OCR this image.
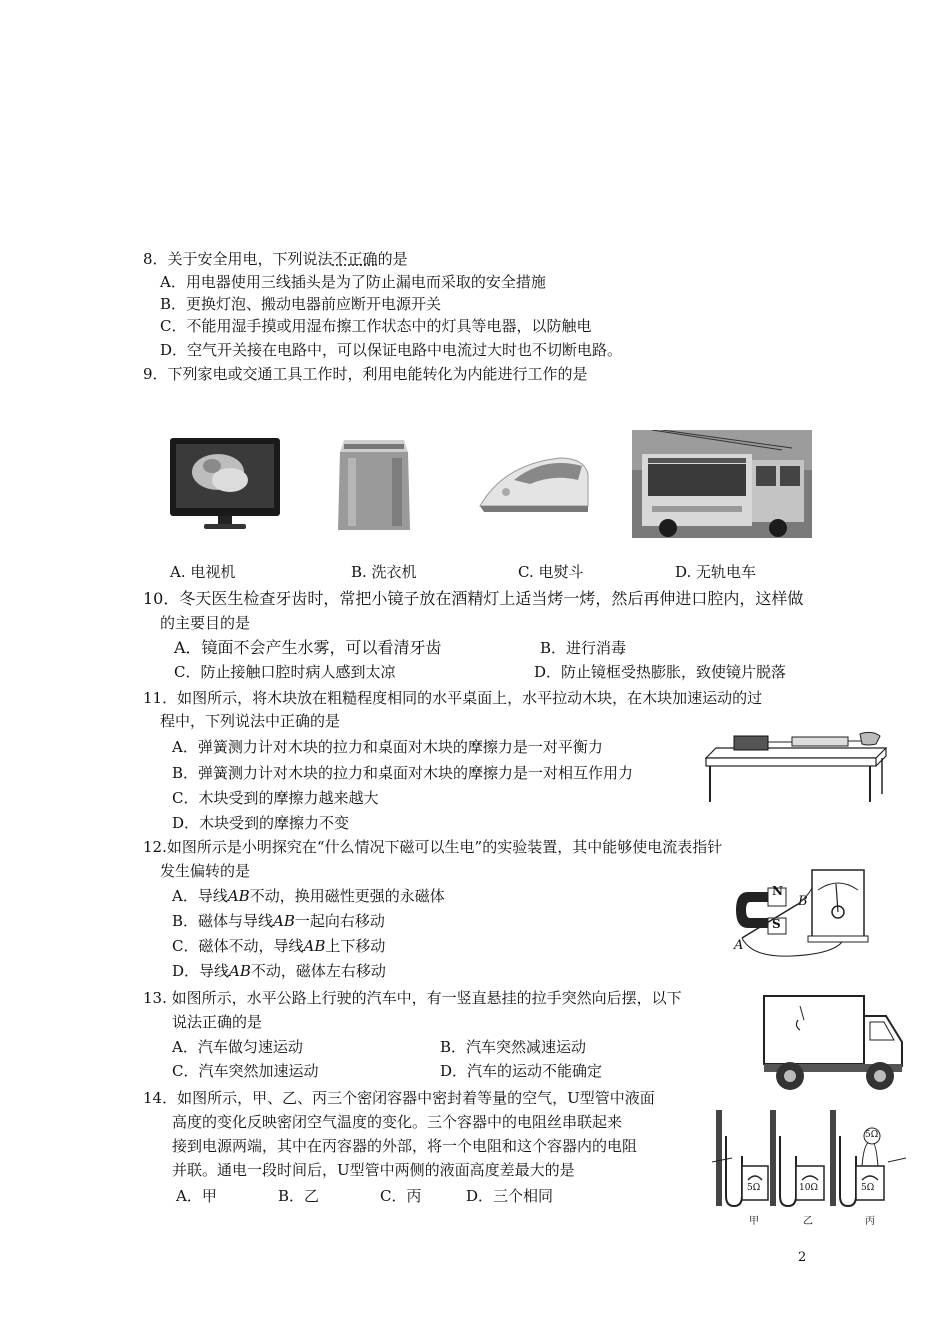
8．关于安全用电，下列说法不正确的是
A．用电器使用三线插头是为了防止漏电而采取的安全措施
B．更换灯泡、搬动电器前应断开电源开关
C．不能用湿手摸或用湿布擦工作状态中的灯具等电器，以防触电
D．空气开关接在电路中，可以保证电路中电流过大时也不切断电路。
9．下列家电或交通工具工作时，利用电能转化为内能进行工作的是
A. 电视机	B. 洗衣机	C. 电熨斗	D. 无轨电车
10．冬天医生检查牙齿时，常把小镜子放在酒精灯上适当烤一烤，然后再伸进口腔内，这样做
的主要目的是
A．镜面不会产生水雾，可以看清牙齿	B．进行消毒
C．防止接触口腔时病人感到太凉	D．防止镜框受热膨胀，致使镜片脱落
11．如图所示，将木块放在粗糙程度相同的水平桌面上，水平拉动木块，在木块加速运动的过
程中，下列说法中正确的是
A．弹簧测力计对木块的拉力和桌面对木块的摩擦力是一对平衡力
B．弹簧测力计对木块的拉力和桌面对木块的摩擦力是一对相互作用力
C．木块受到的摩擦力越来越大
D．木块受到的摩擦力不变
12.如图所示是小明探究在“什么情况下磁可以生电”的实验装置，其中能够使电流表指针
发生偏转的是
A．导线AB不动，换用磁性更强的永磁体
B．磁体与导线AB一起向右移动
C．磁体不动，导线AB上下移动
D．导线AB不动，磁体左右移动
N
S
A
B
13. 如图所示，水平公路上行驶的汽车中，有一竖直悬挂的拉手突然向后摆，以下
说法正确的是
A．汽车做匀速运动	B．汽车突然减速运动
C．汽车突然加速运动	D．汽车的运动不能确定
14．如图所示，甲、乙、丙三个密闭容器中密封着等量的空气，U型管中液面
高度的变化反映密闭空气温度的变化。三个容器中的电阻丝串联起来
接到电源两端，其中在丙容器的外部，将一个电阻和这个容器内的电阻
并联。通电一段时间后，U型管中两侧的液面高度差最大的是
A．甲	B．乙	C．丙	D．三个相同	5Ω	10Ω	5Ω
5Ω
甲	乙	丙
2
